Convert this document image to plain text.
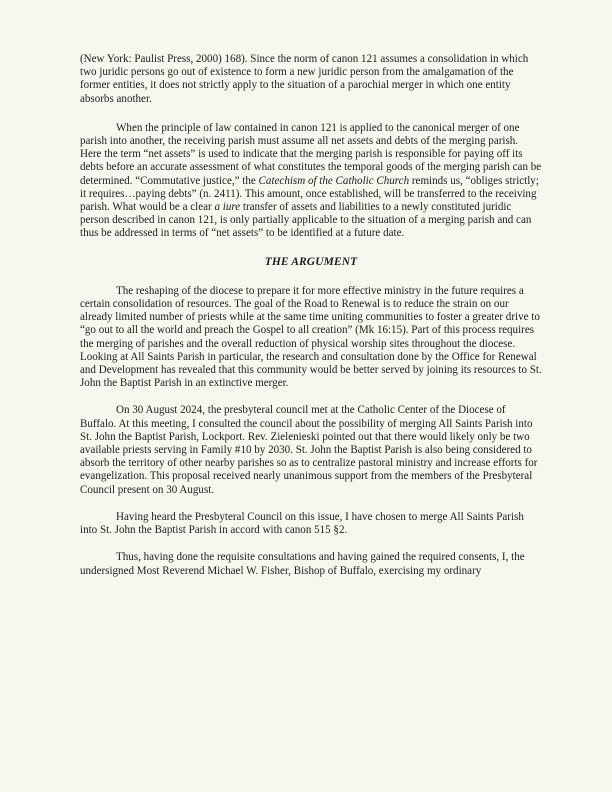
(New York: Paulist Press, 2000) 168). Since the norm of canon 121 assumes a consolidation in which two juridic persons go out of existence to form a new juridic person from the amalgamation of the former entities, it does not strictly apply to the situation of a parochial merger in which one entity absorbs another.

When the principle of law contained in canon 121 is applied to the canonical merger of one parish into another, the receiving parish must assume all net assets and debts of the merging parish. Here the term “net assets” is used to indicate that the merging parish is responsible for paying off its debts before an accurate assessment of what constitutes the temporal goods of the merging parish can be determined. “Commutative justice,” the Catechism of the Catholic Church reminds us, “obliges strictly; it requires…paying debts” (n. 2411). This amount, once established, will be transferred to the receiving parish. What would be a clear a iure transfer of assets and liabilities to a newly constituted juridic person described in canon 121, is only partially applicable to the situation of a merging parish and can thus be addressed in terms of “net assets” to be identified at a future date.

THE ARGUMENT

The reshaping of the diocese to prepare it for more effective ministry in the future requires a certain consolidation of resources. The goal of the Road to Renewal is to reduce the strain on our already limited number of priests while at the same time uniting communities to foster a greater drive to “go out to all the world and preach the Gospel to all creation” (Mk 16:15). Part of this process requires the merging of parishes and the overall reduction of physical worship sites throughout the diocese. Looking at All Saints Parish in particular, the research and consultation done by the Office for Renewal and Development has revealed that this community would be better served by joining its resources to St. John the Baptist Parish in an extinctive merger.

On 30 August 2024, the presbyteral council met at the Catholic Center of the Diocese of Buffalo. At this meeting, I consulted the council about the possibility of merging All Saints Parish into St. John the Baptist Parish, Lockport. Rev. Zielenieski pointed out that there would likely only be two available priests serving in Family #10 by 2030. St. John the Baptist Parish is also being considered to absorb the territory of other nearby parishes so as to centralize pastoral ministry and increase efforts for evangelization. This proposal received nearly unanimous support from the members of the Presbyteral Council present on 30 August.

Having heard the Presbyteral Council on this issue, I have chosen to merge All Saints Parish into St. John the Baptist Parish in accord with canon 515 §2.

Thus, having done the requisite consultations and having gained the required consents, I, the undersigned Most Reverend Michael W. Fisher, Bishop of Buffalo, exercising my ordinary
